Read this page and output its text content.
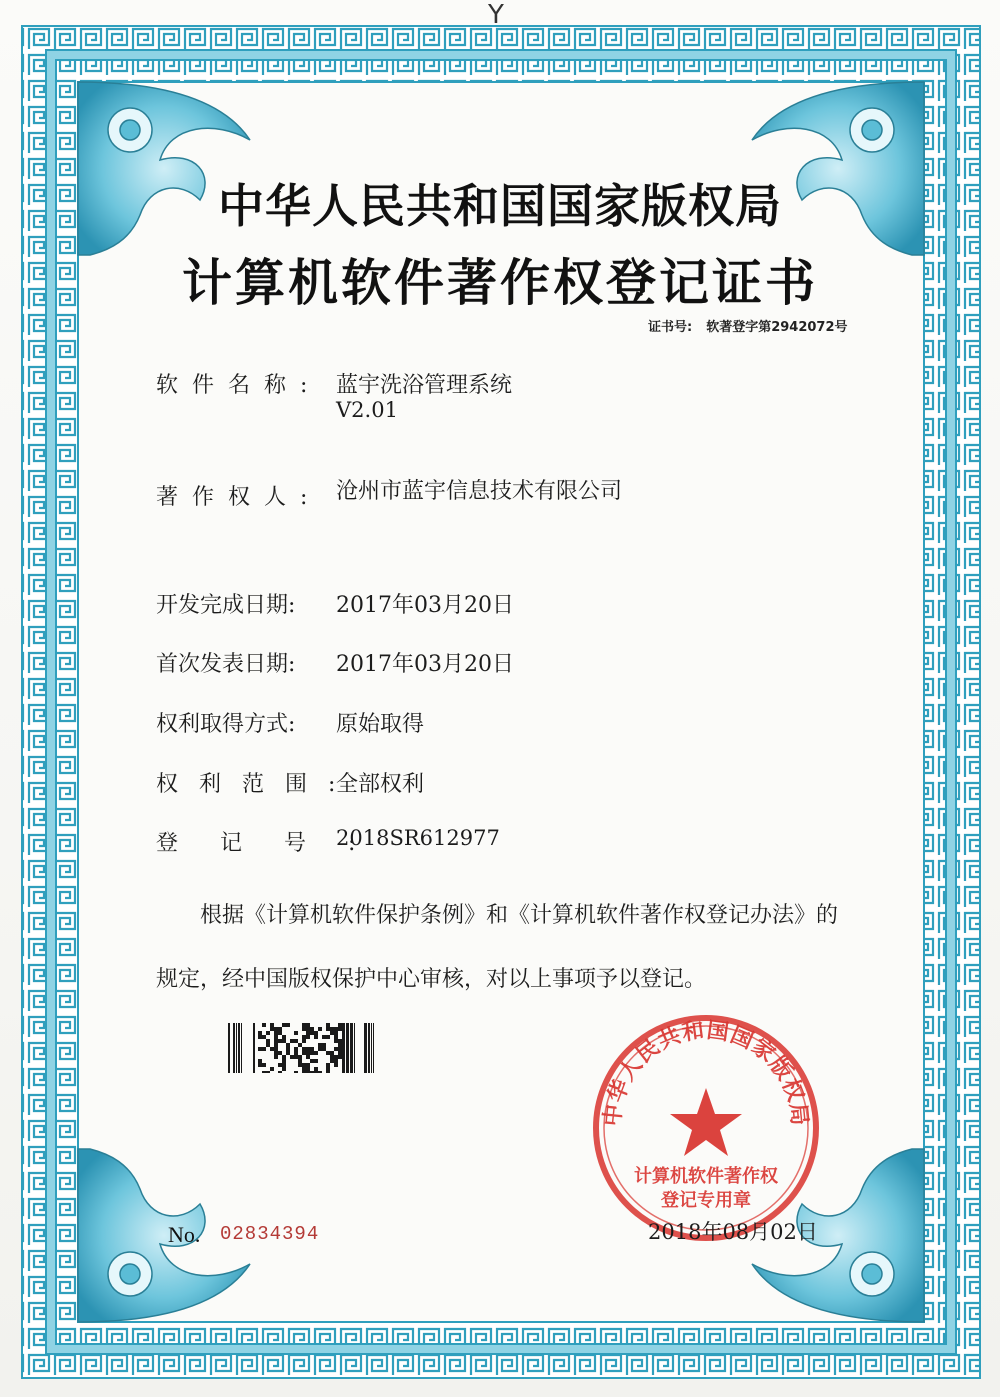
Y
中华人民共和国国家版权局
计算机软件著作权登记证书
证书号: 软著登字第2942072号
软件名称: 蓝宇洗浴管理系统
V2.01
著作权人: 沧州市蓝宇信息技术有限公司
开发完成日期: 2017年03月20日
首次发表日期: 2017年03月20日
权利取得方式: 原始取得
权利范围:
全部权利
登记号:
2018SR612977
根据《计算机软件保护条例》和《计算机软件著作权登记办法》的
规定，经中国版权保护中心审核，对以上事项予以登记。
中华人民共和国国家版权局
计算机软件著作权
登记专用章
No. 02834394	2018年08月02日
